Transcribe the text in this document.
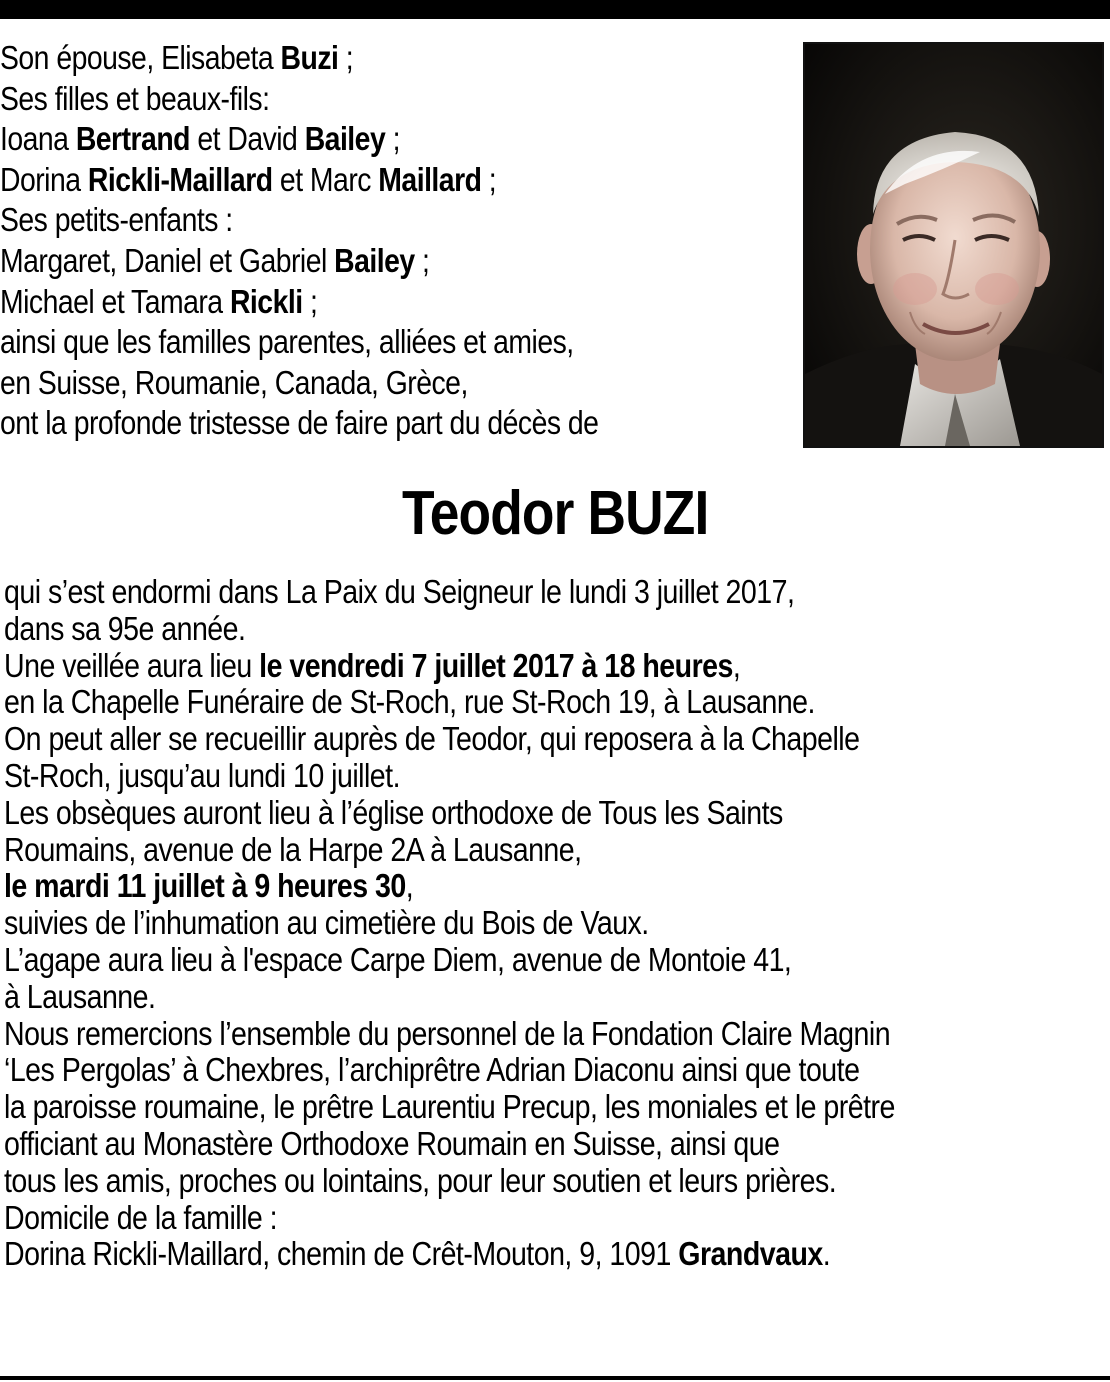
Son épouse, Elisabeta Buzi ;
Ses filles et beaux-fils:
Ioana Bertrand et David Bailey ;
Dorina Rickli-Maillard et Marc Maillard ;
Ses petits-enfants :
Margaret, Daniel et Gabriel Bailey ;
Michael et Tamara Rickli ;
ainsi que les familles parentes, alliées et amies,
en Suisse, Roumanie, Canada, Grèce,
ont la profonde tristesse de faire part du décès de
Teodor BUZI
qui s’est endormi dans La Paix du Seigneur le lundi 3 juillet 2017,
dans sa 95e année.
Une veillée aura lieu le vendredi 7 juillet 2017 à 18 heures,
en la Chapelle Funéraire de St-Roch, rue St-Roch 19, à Lausanne.
On peut aller se recueillir auprès de Teodor, qui reposera à la Chapelle
St-Roch, jusqu’au lundi 10 juillet.
Les obsèques auront lieu à l’église orthodoxe de Tous les Saints
Roumains, avenue de la Harpe 2A à Lausanne,
le mardi 11 juillet à 9 heures 30,
suivies de l’inhumation au cimetière du Bois de Vaux.
L’agape aura lieu à l'espace Carpe Diem, avenue de Montoie 41,
à Lausanne.
Nous remercions l’ensemble du personnel de la Fondation Claire Magnin
‘Les Pergolas’ à Chexbres, l’archiprêtre Adrian Diaconu ainsi que toute
la paroisse roumaine, le prêtre Laurentiu Precup, les moniales et le prêtre
officiant au Monastère Orthodoxe Roumain en Suisse, ainsi que
tous les amis, proches ou lointains, pour leur soutien et leurs prières.
Domicile de la famille :
Dorina Rickli-Maillard, chemin de Crêt-Mouton, 9, 1091 Grandvaux.
